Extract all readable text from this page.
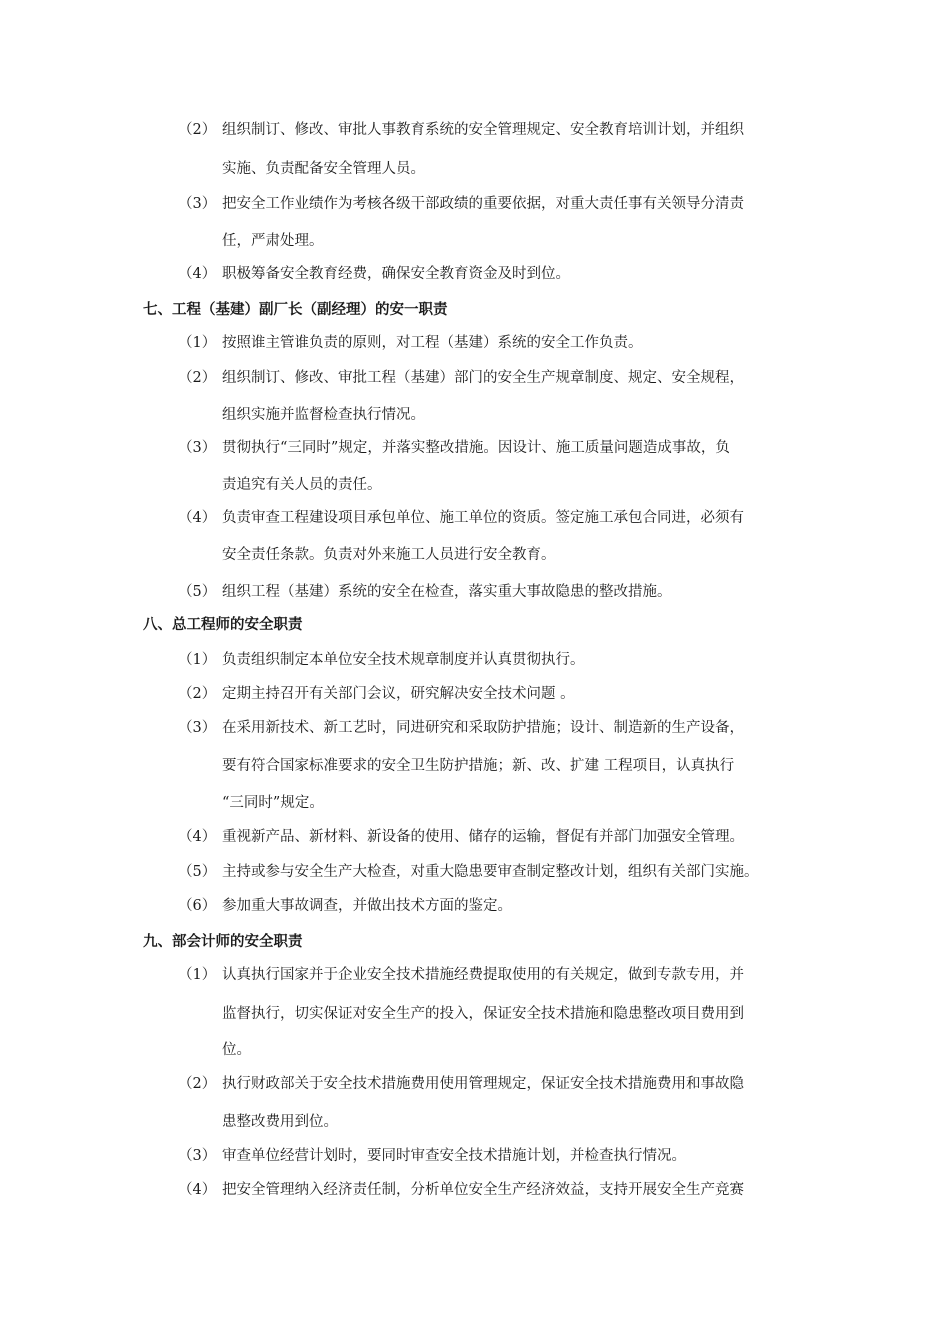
（2） 组织制订、修改、审批人事教育系统的安全管理规定、安全教育培训计划，并组织
实施、负责配备安全管理人员。
（3） 把安全工作业绩作为考核各级干部政绩的重要依据，对重大责任事有关领导分清责
任，严肃处理。
（4） 职极筹备安全教育经费，确保安全教育资金及时到位。
七、工程（基建）副厂长（副经理）的安一职责
（1） 按照谁主管谁负责的原则，对工程（基建）系统的安全工作负责。
（2） 组织制订、修改、审批工程（基建）部门的安全生产规章制度、规定、安全规程，
组织实施并监督检查执行情况。
（3） 贯彻执行“三同时”规定，并落实整改措施。因设计、施工质量问题造成事故，负
责追究有关人员的责任。
（4） 负责审查工程建设项目承包单位、施工单位的资质。签定施工承包合同进，必须有
安全责任条款。负责对外来施工人员进行安全教育。
（5） 组织工程（基建）系统的安全在检查，落实重大事故隐患的整改措施。
八、总工程师的安全职责
（1） 负责组织制定本单位安全技术规章制度并认真贯彻执行。
（2） 定期主持召开有关部门会议，研究解决安全技术问题 。
（3） 在采用新技术、新工艺时，同进研究和采取防护措施；设计、制造新的生产设备，
要有符合国家标准要求的安全卫生防护措施；新、改、扩建 工程项目，认真执行
“三同时”规定。
（4） 重视新产品、新材料、新设备的使用、储存的运输，督促有并部门加强安全管理。
（5） 主持或参与安全生产大检查，对重大隐患要审查制定整改计划，组织有关部门实施。
（6） 参加重大事故调查，并做出技术方面的鉴定。
九、部会计师的安全职责
（1） 认真执行国家并于企业安全技术措施经费提取使用的有关规定，做到专款专用，并
监督执行，切实保证对安全生产的投入，保证安全技术措施和隐患整改项目费用到
位。
（2） 执行财政部关于安全技术措施费用使用管理规定，保证安全技术措施费用和事故隐
患整改费用到位。
（3） 审查单位经营计划时，要同时审查安全技术措施计划，并检查执行情况。
（4） 把安全管理纳入经济责任制，分析单位安全生产经济效益，支持开展安全生产竞赛
